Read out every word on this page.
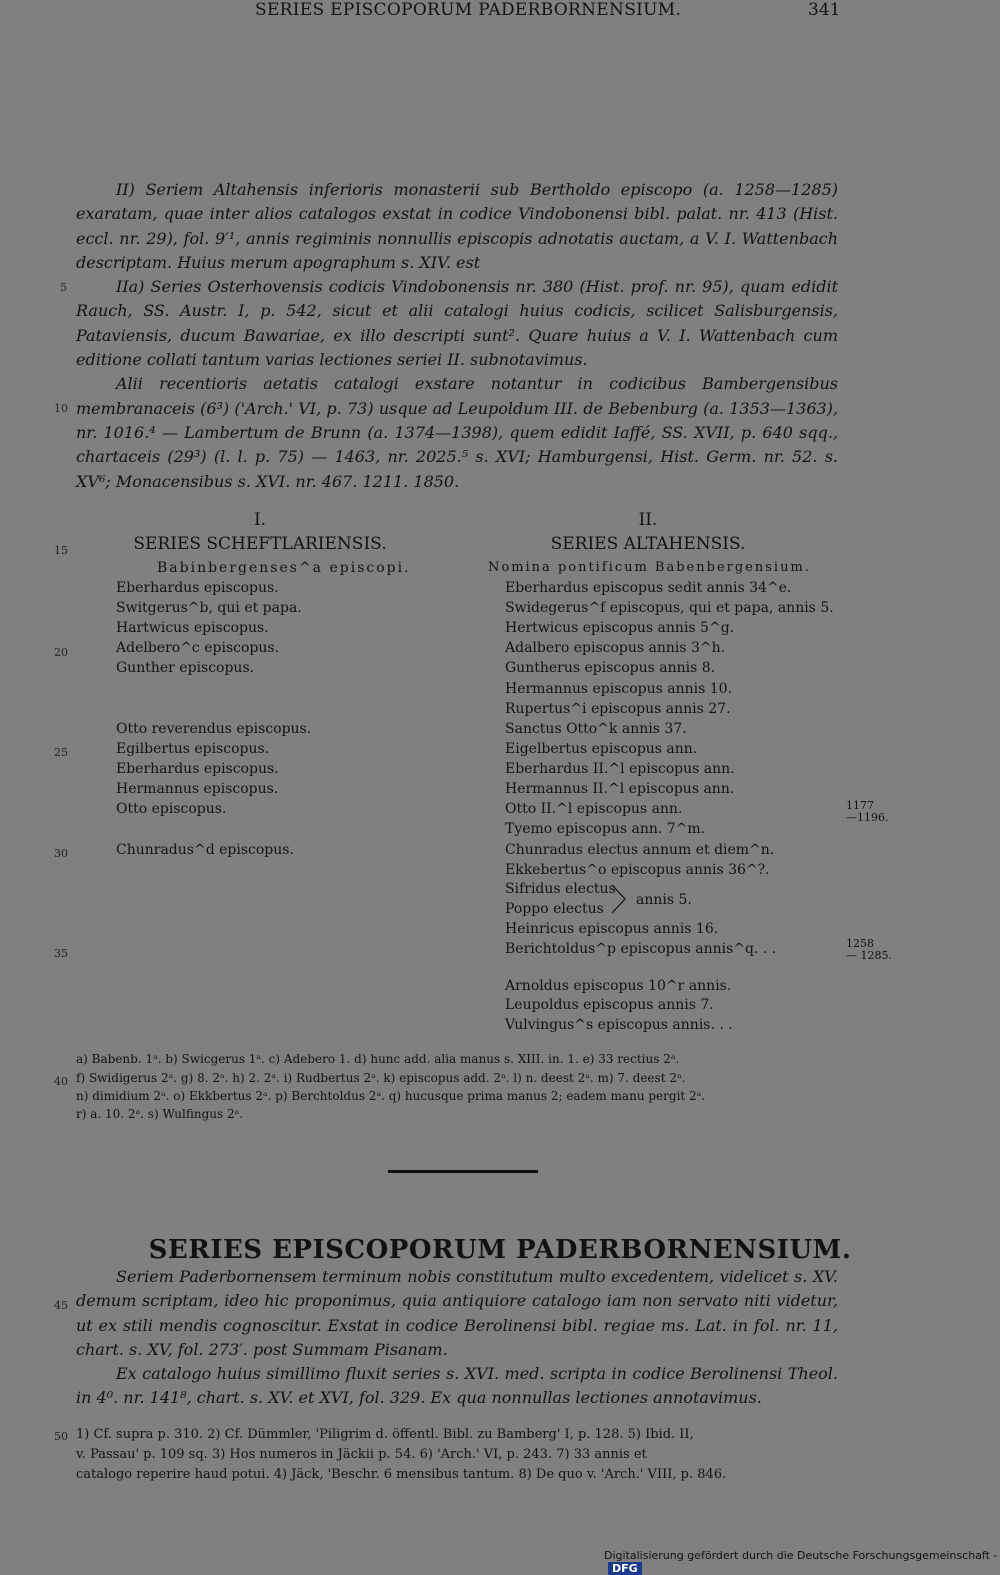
SERIES EPISCOPORUM PADERBORNENSIUM.	341

II) Seriem Altahensis inferioris monasterii sub Bertholdo episcopo (a. 1258—1285) exaratam, quae inter alios catalogos exstat in codice Vindobonensi bibl. palat. nr. 413 (Hist. eccl. nr. 29), fol. 9′¹, annis regiminis nonnullis episcopis adnotatis auctam, a V. I. Wattenbach descriptam. Huius merum apographum s. XIV. est

IIa) Series Osterhovensis codicis Vindobonensis nr. 380 (Hist. prof. nr. 95), quam edidit Rauch, SS. Austr. I, p. 542, sicut et alii catalogi huius codicis, scilicet Salisburgensis, Pataviensis, ducum Bawariae, ex illo descripti sunt². Quare huius a V. I. Wattenbach cum editione collati tantum varias lectiones seriei II. subnotavimus.

Alii recentioris aetatis catalogi exstare notantur in codicibus Bambergensibus membranaceis (6³) ('Arch.' VI, p. 73) usque ad Leupoldum III. de Bebenburg (a. 1353—1363), nr. 1016.⁴ — Lambertum de Brunn (a. 1374—1398), quem edidit Iaffé, SS. XVII, p. 640 sqq., chartaceis (29³) (l. l. p. 75) — 1463, nr. 2025.⁵ s. XVI; Hamburgensi, Hist. Germ. nr. 52. s. XV⁶; Monacensibus s. XVI. nr. 467. 1211. 1850.

5
10
15
20
25
30
35
40
45
50
I.
SERIES SCHEFTLARIENSIS.
Babinbergenses^a episcopi.
Eberhardus episcopus.
Switgerus^b, qui et papa.
Hartwicus episcopus.
Adelbero^c episcopus.
Gunther episcopus.
Otto reverendus episcopus.
Egilbertus episcopus.
Eberhardus episcopus.
Hermannus episcopus.
Otto episcopus.
Chunradus^d episcopus.
II.
SERIES ALTAHENSIS.
Nomina pontificum Babenbergensium.
Eberhardus episcopus sedit annis 34^e.
Swidegerus^f episcopus, qui et papa, annis 5.
Hertwicus episcopus annis 5^g.
Adalbero episcopus annis 3^h.
Guntherus episcopus annis 8.
Hermannus episcopus annis 10.
Rupertus^i episcopus annis 27.
Sanctus Otto^k annis 37.
Eigelbertus episcopus ann.
Eberhardus II.^l episcopus ann.
Hermannus II.^l episcopus ann.
Otto II.^l episcopus ann.
Tyemo episcopus ann. 7^m.
Chunradus electus annum et diem^n.
Ekkebertus^o episcopus annis 36^?.
Sifridus electus
Poppo electus
annis 5.
Heinricus episcopus annis 16.
Berichtoldus^p episcopus annis^q. . .
Arnoldus episcopus 10^r annis.
Leupoldus episcopus annis 7.
Vulvingus^s episcopus annis. . .
1177
—1196.
1258
— 1285.
a) Babenb. 1ᵃ. b) Swicgerus 1ᵃ. c) Adebero 1. d) hunc add. alia manus s. XIII. in. 1. e) 33 rectius 2ᵃ.
f) Swidigerus 2ᵃ. g) 8. 2ᵃ. h) 2. 2ᵃ. i) Rudbertus 2ᵃ. k) episcopus add. 2ᵃ. l) n. deest 2ᵃ. m) 7. deest 2ᵃ.
n) dimidium 2ᵃ. o) Ekkbertus 2ᵃ. p) Berchtoldus 2ᵃ. q) hucusque prima manus 2; eadem manu pergit 2ᵃ.
r) a. 10. 2ᵃ. s) Wulfingus 2ᵃ.
SERIES EPISCOPORUM PADERBORNENSIUM.

Seriem Paderbornensem terminum nobis constitutum multo excedentem, videlicet s. XV. demum scriptam, ideo hic proponimus, quia antiquiore catalogo iam non servato niti videtur, ut ex stili mendis cognoscitur. Exstat in codice Berolinensi bibl. regiae ms. Lat. in fol. nr. 11, chart. s. XV, fol. 273′. post Summam Pisanam.

Ex catalogo huius simillimo fluxit series s. XVI. med. scripta in codice Berolinensi Theol. in 4⁰. nr. 141⁸, chart. s. XV. et XVI, fol. 329. Ex qua nonnullas lectiones annotavimus.

1) Cf. supra p. 310. 2) Cf. Dümmler, 'Piligrim d. öffentl. Bibl. zu Bamberg' I, p. 128. 5) Ibid. II,
v. Passau' p. 109 sq. 3) Hos numeros in Jäckii p. 54. 6) 'Arch.' VI, p. 243. 7) 33 annis et
catalogo reperire haud potui. 4) Jäck, 'Beschr. 6 mensibus tantum. 8) De quo v. 'Arch.' VIII, p. 846.
Digitalisierung gefördert durch die Deutsche Forschungsgemeinschaft - DFG
